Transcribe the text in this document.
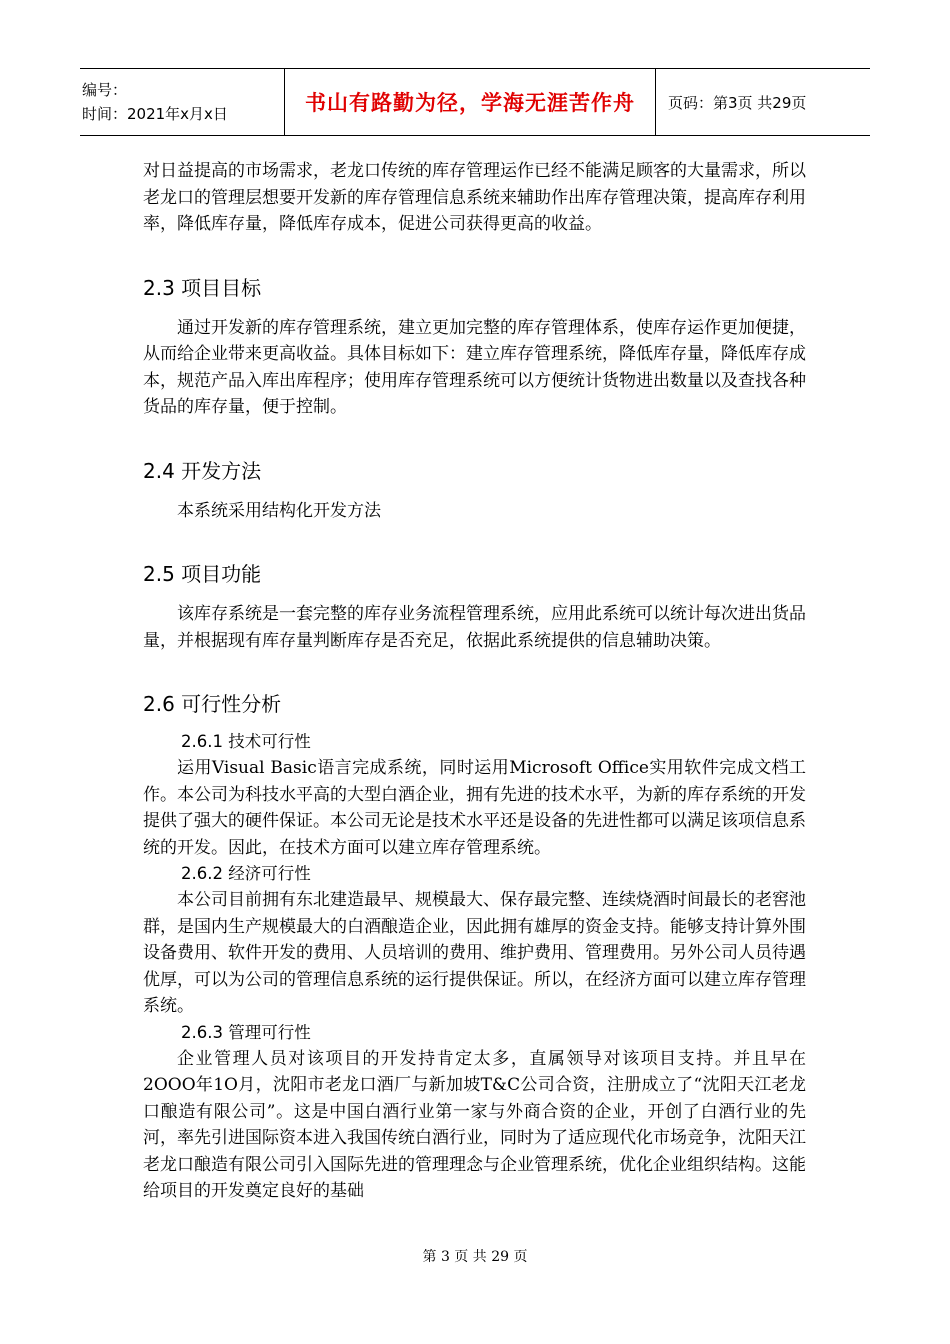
编号：
时间：2021年x月x日	书山有路勤为径，学海无涯苦作舟 页码：第3页 共29页

对日益提高的市场需求，老龙口传统的库存管理运作已经不能满足顾客的大量需求，所以老龙口的管理层想要开发新的库存管理信息系统来辅助作出库存管理决策，提高库存利用率，降低库存量，降低库存成本，促进公司获得更高的收益。

2.3 项目目标

通过开发新的库存管理系统，建立更加完整的库存管理体系，使库存运作更加便捷，从而给企业带来更高收益。具体目标如下：建立库存管理系统，降低库存量，降低库存成本，规范产品入库出库程序；使用库存管理系统可以方便统计货物进出数量以及查找各种货品的库存量，便于控制。

2.4 开发方法

本系统采用结构化开发方法

2.5 项目功能

该库存系统是一套完整的库存业务流程管理系统，应用此系统可以统计每次进出货品量，并根据现有库存量判断库存是否充足，依据此系统提供的信息辅助决策。

2.6 可行性分析
2.6.1 技术可行性

运用Visual Basic语言完成系统，同时运用Microsoft Office实用软件完成文档工作。本公司为科技水平高的大型白酒企业，拥有先进的技术水平，为新的库存系统的开发提供了强大的硬件保证。本公司无论是技术水平还是设备的先进性都可以满足该项信息系统的开发。因此，在技术方面可以建立库存管理系统。

2.6.2 经济可行性

本公司目前拥有东北建造最早、规模最大、保存最完整、连续烧酒时间最长的老窖池群，是国内生产规模最大的白酒酿造企业，因此拥有雄厚的资金支持。能够支持计算外围设备费用、软件开发的费用、人员培训的费用、维护费用、管理费用。另外公司人员待遇优厚，可以为公司的管理信息系统的运行提供保证。所以，在经济方面可以建立库存管理系统。

2.6.3 管理可行性

企业管理人员对该项目的开发持肯定太多，直属领导对该项目支持。并且早在2OOO年1O月，沈阳市老龙口酒厂与新加坡T&C公司合资，注册成立了“沈阳天江老龙口酿造有限公司”。这是中国白酒行业第一家与外商合资的企业，开创了白酒行业的先河，率先引进国际资本进入我国传统白酒行业，同时为了适应现代化市场竞争，沈阳天江老龙口酿造有限公司引入国际先进的管理理念与企业管理系统，优化企业组织结构。这能给项目的开发奠定良好的基础

第 3 页 共 29 页
